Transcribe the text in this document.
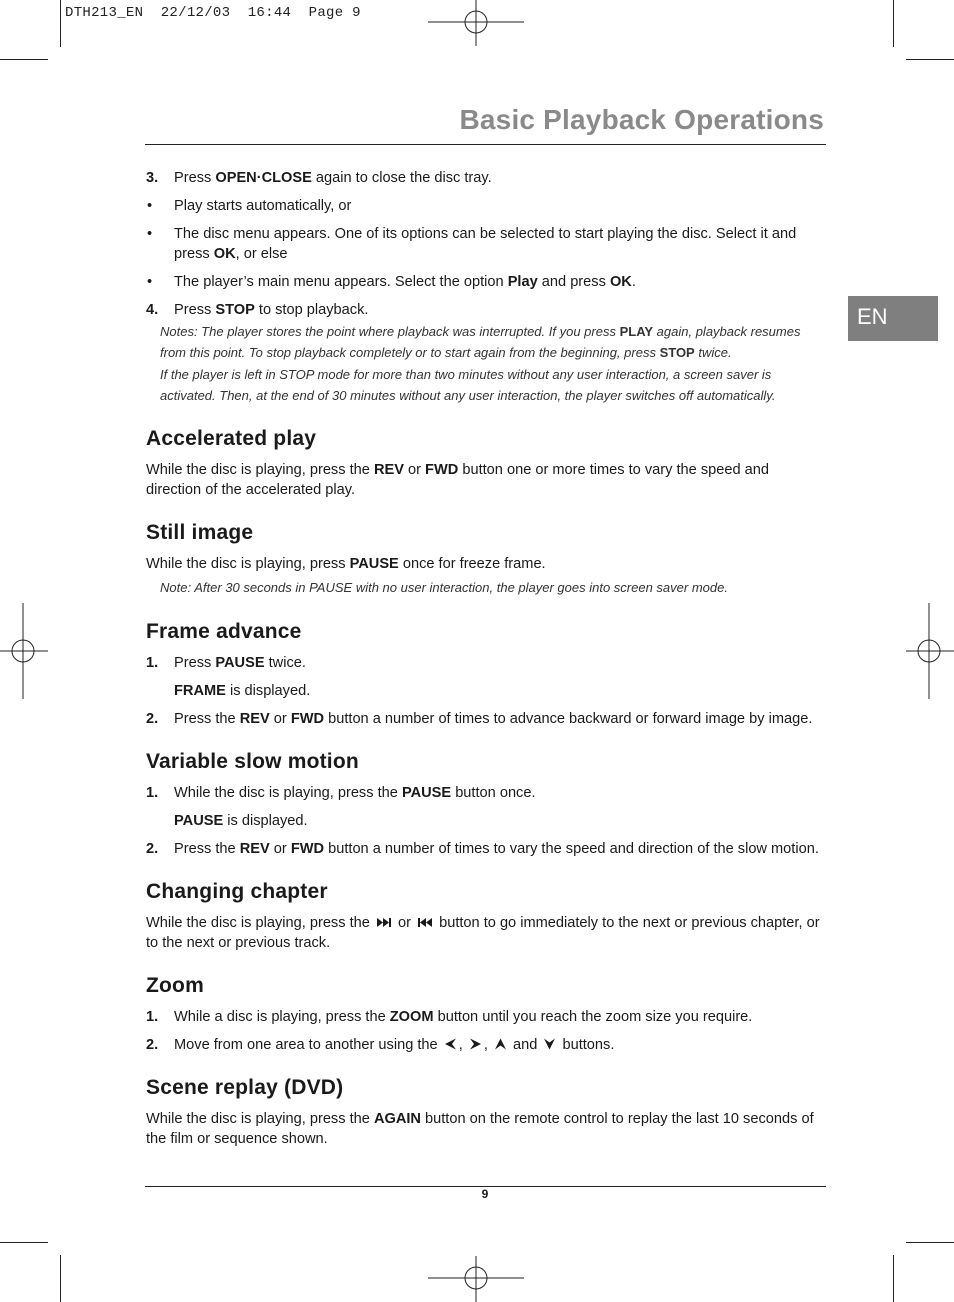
DTH213_EN  22/12/03  16:44  Page 9
Basic Playback Operations
EN
3. Press OPEN·CLOSE again to close the disc tray.
• Play starts automatically, or
• The disc menu appears. One of its options can be selected to start playing the disc. Select it and press OK, or else
• The player’s main menu appears. Select the option Play and press OK.
4. Press STOP to stop playback.

Notes: The player stores the point where playback was interrupted. If you press PLAY again, playback resumes from this point. To stop playback completely or to start again from the beginning, press STOP twice.

If the player is left in STOP mode for more than two minutes without any user interaction, a screen saver is activated. Then, at the end of 30 minutes without any user interaction, the player switches off automatically.

Accelerated play

While the disc is playing, press the REV or FWD button one or more times to vary the speed and direction of the accelerated play.

Still image

While the disc is playing, press PAUSE once for freeze frame.

Note: After 30 seconds in PAUSE with no user interaction, the player goes into screen saver mode.

Frame advance
1. Press PAUSE twice.
FRAME is displayed.
2. Press the REV or FWD button a number of times to advance backward or forward image by image.
Variable slow motion
1. While the disc is playing, press the PAUSE button once.
PAUSE is displayed.
2. Press the REV or FWD button a number of times to vary the speed and direction of the slow motion.
Changing chapter

While the disc is playing, press the  or  button to go immediately to the next or previous chapter, or to the next or previous track.

Zoom
1. While a disc is playing, press the ZOOM button until you reach the zoom size you require.
2. Move from one area to another using the , ,  and  buttons.
Scene replay (DVD)

While the disc is playing, press the AGAIN button on the remote control to replay the last 10 seconds of the film or sequence shown.

9
